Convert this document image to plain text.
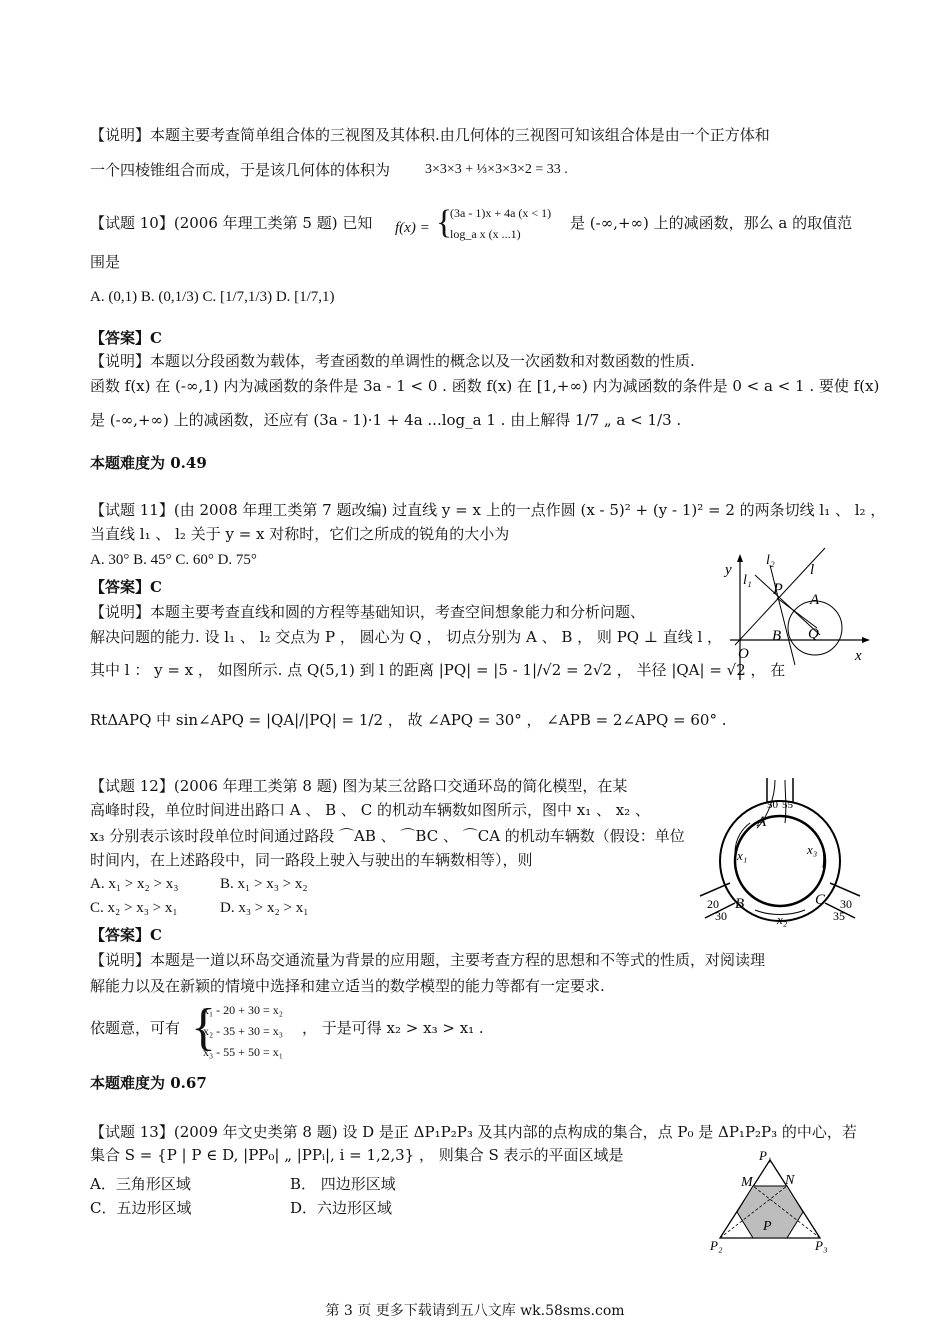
【说明】本题主要考查简单组合体的三视图及其体积.由几何体的三视图可知该组合体是由一个正方体和
一个四棱锥组合而成，于是该几何体的体积为 3×3×3 + ⅓×3×3×2 = 33 .
【试题 10】(2006 年理工类第 5 题) 已知 f(x) = {
(3a - 1)x + 4a (x < 1)
log_a x (x ...1)
是 (-∞,+∞) 上的减函数，那么 a 的取值范
围是
A. (0,1) B. (0,1/3) C. [1/7,1/3) D. [1/7,1)
【答案】C
【说明】本题以分段函数为载体，考查函数的单调性的概念以及一次函数和对数函数的性质.
函数 f(x) 在 (-∞,1) 内为减函数的条件是 3a - 1 < 0 . 函数 f(x) 在 [1,+∞) 内为减函数的条件是 0 < a < 1 . 要使 f(x)
是 (-∞,+∞) 上的减函数，还应有 (3a - 1)·1 + 4a ...log_a 1 . 由上解得 1/7 „ a < 1/3 .
本题难度为 0.49
【试题 11】(由 2008 年理工类第 7 题改编) 过直线 y = x 上的一点作圆 (x - 5)² + (y - 1)² = 2 的两条切线 l₁ 、 l₂ ，
当直线 l₁ 、 l₂ 关于 y = x 对称时，它们之所成的锐角的大小为
A. 30° B. 45° C. 60° D. 75°
【答案】C
【说明】本题主要考查直线和圆的方程等基础知识，考查空间想象能力和分析问题、
解决问题的能力. 设 l₁ 、 l₂ 交点为 P ， 圆心为 Q ， 切点分别为 A 、 B ， 则 PQ ⊥ 直线 l ，
其中 l ： y = x ， 如图所示. 点 Q(5,1) 到 l 的距离 |PQ| = |5 - 1|/√2 = 2√2 ， 半径 |QA| = √2 ， 在
RtΔAPQ 中 sin∠APQ = |QA|/|PQ| = 1/2 ， 故 ∠APQ = 30° ， ∠APB = 2∠APQ = 60° .
y
x
O
l₁
l₂
l
P
A
B Q
【试题 12】(2006 年理工类第 8 题) 图为某三岔路口交通环岛的简化模型，在某
高峰时段，单位时间进出路口 A 、 B 、 C 的机动车辆数如图所示，图中 x₁ 、 x₂ 、
x₃ 分别表示该时段单位时间通过路段 ⌒AB 、 ⌒BC 、 ⌒CA 的机动车辆数（假设：单位
时间内，在上述路段中，同一路段上驶入与驶出的车辆数相等），则
A. x₁ > x₂ > x₃	B. x₁ > x₃ > x₂
C. x₂ > x₃ > x₁	D. x₃ > x₂ > x₁
【答案】C
【说明】本题是一道以环岛交通流量为背景的应用题，主要考查方程的思想和不等式的性质，对阅读理
解能力以及在新颖的情境中选择和建立适当的数学模型的能力等都有一定要求.
依题意，可有 {
x₁ - 20 + 30 = x₂
x₂ - 35 + 30 = x₃
x₃ - 55 + 50 = x₁
， 于是可得 x₂ > x₃ > x₁ .
本题难度为 0.67
50 55
A
x₁	x₃
x₂
20
30
B	C 30
35
【试题 13】(2009 年文史类第 8 题) 设 D 是正 ΔP₁P₂P₃ 及其内部的点构成的集合，点 P₀ 是 ΔP₁P₂P₃ 的中心，若
集合 S = {P | P ∈ D, |PP₀| „ |PPᵢ|, i = 1,2,3} ， 则集合 S 表示的平面区域是
A．三角形区域	B． 四边形区域
C．五边形区域	D．六边形区域
P₁
M N
P
P₂	P₃
第 3 页 更多下载请到五八文库 wk.58sms.com
